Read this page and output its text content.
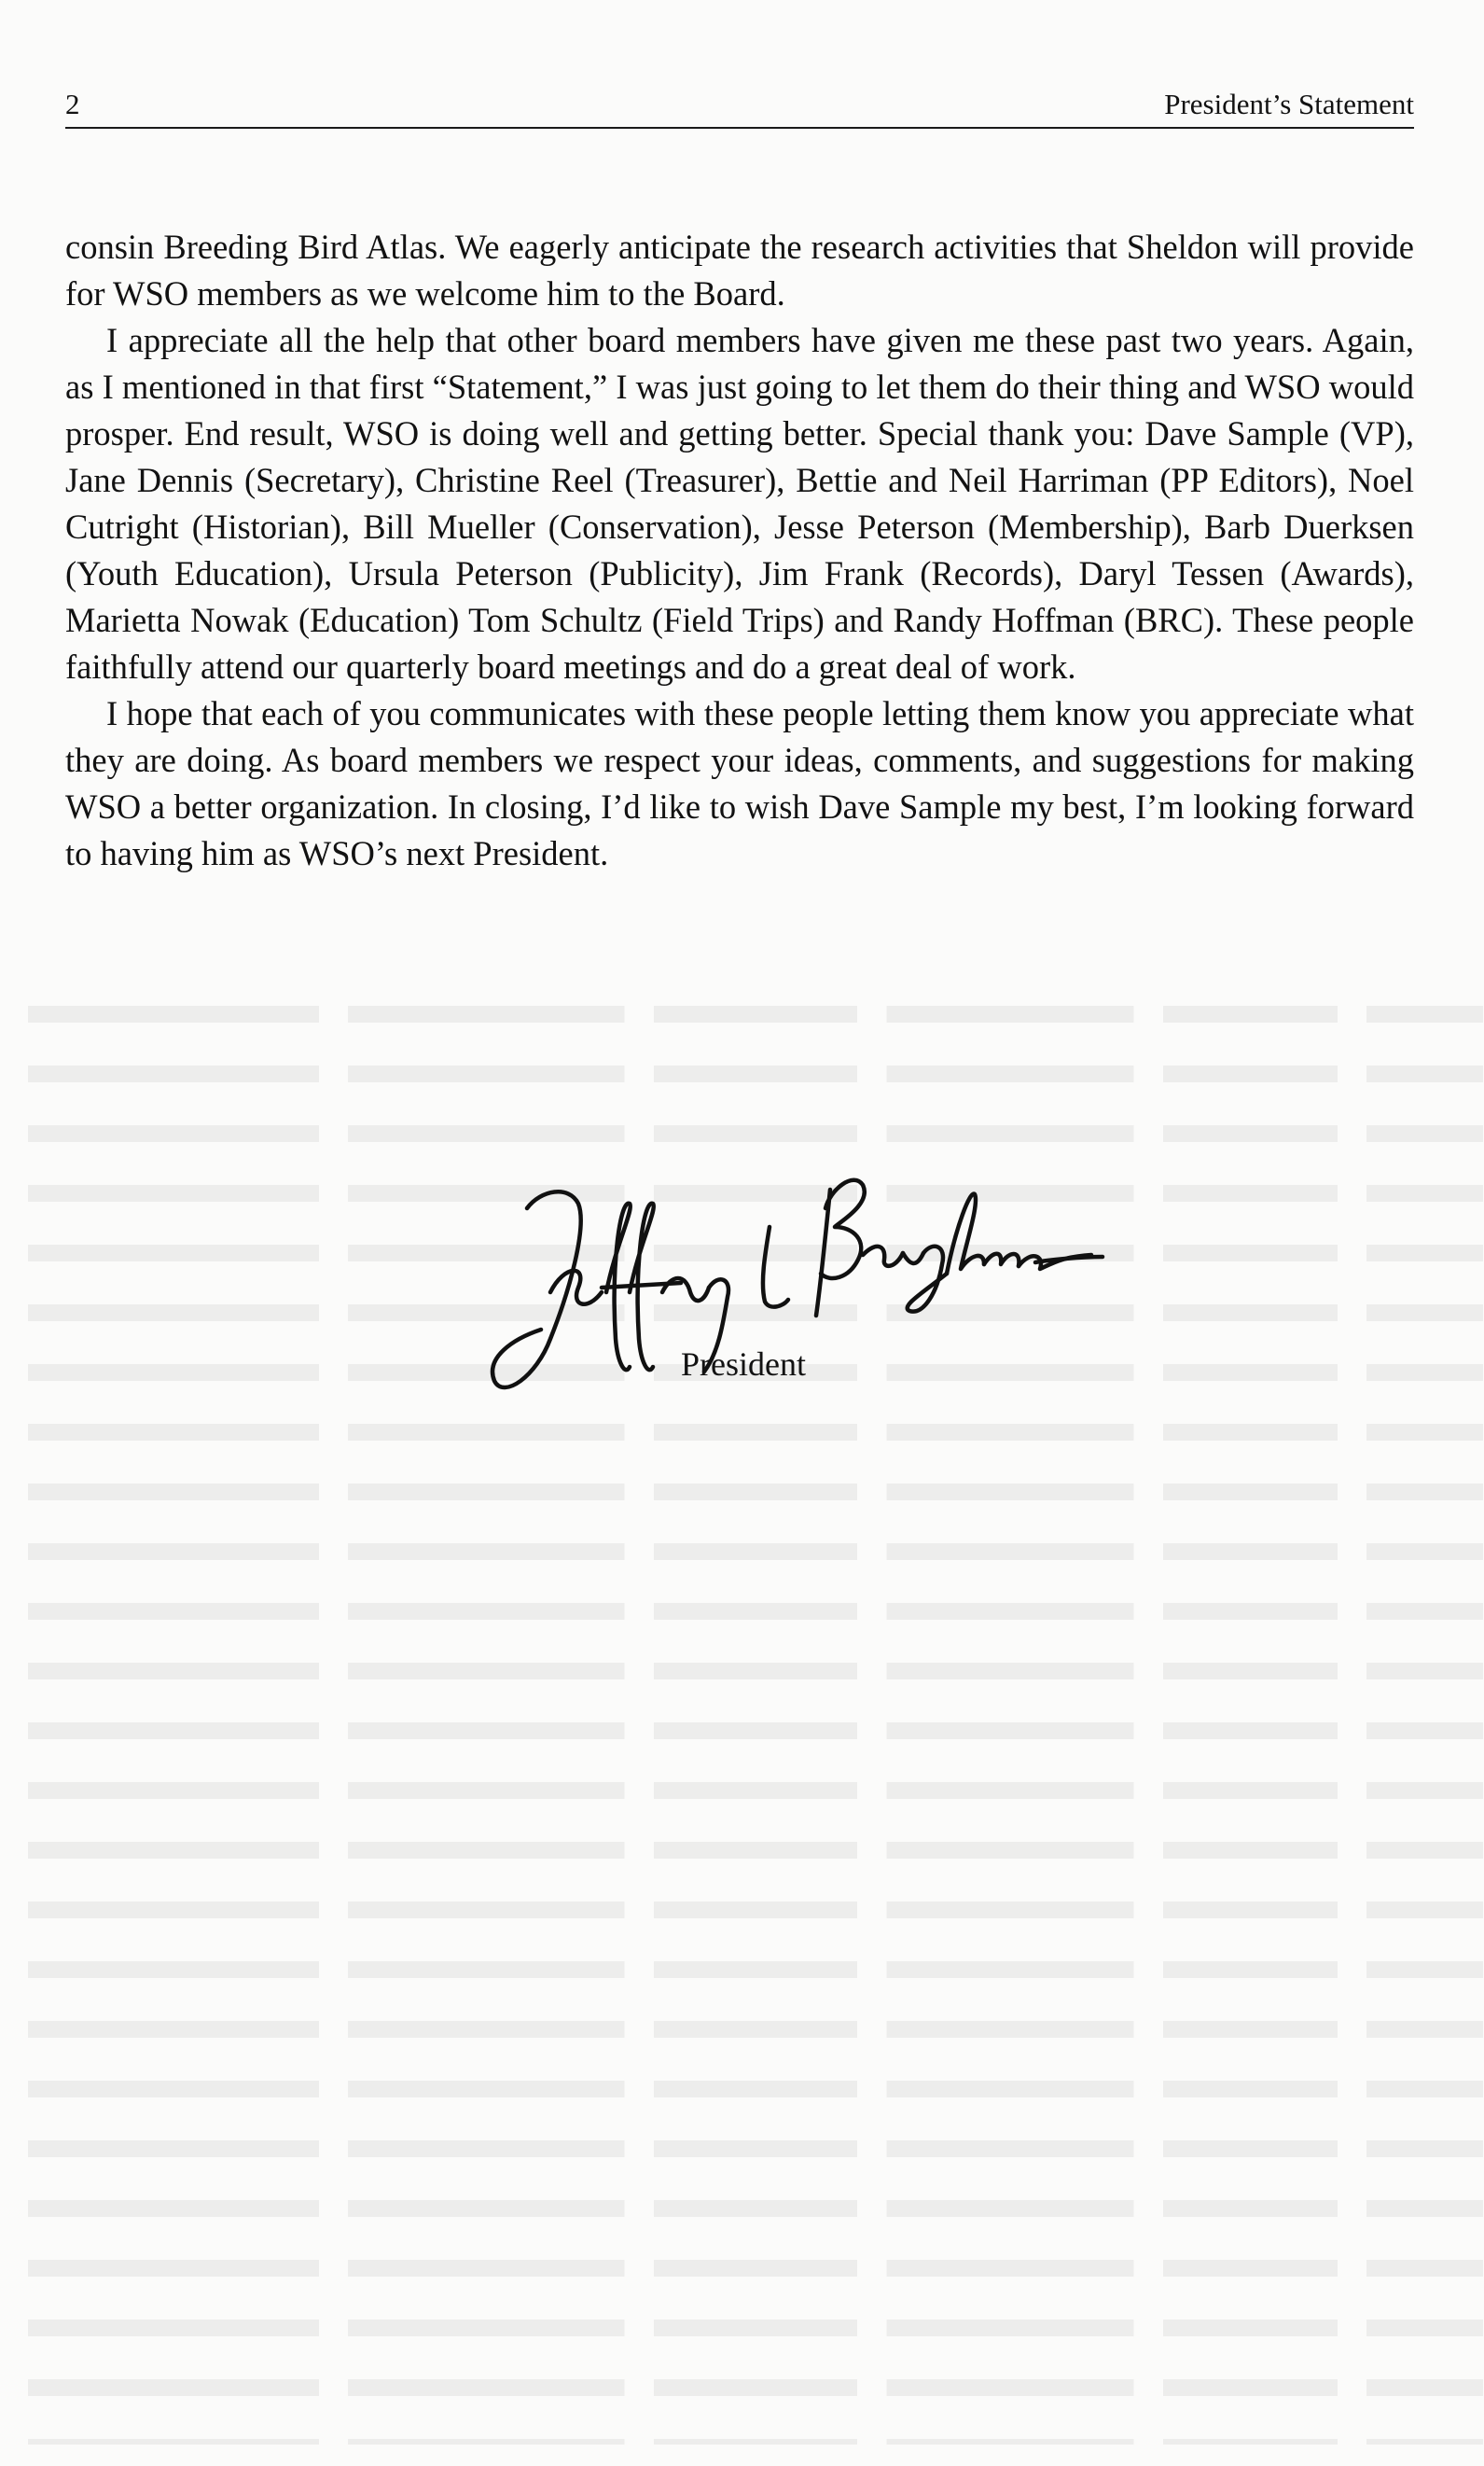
2	President’s Statement

consin Breeding Bird Atlas. We eagerly anticipate the research activities that Sheldon will provide for WSO members as we welcome him to the Board.

I appreciate all the help that other board members have given me these past two years. Again, as I mentioned in that first “Statement,” I was just going to let them do their thing and WSO would prosper. End result, WSO is doing well and getting better. Special thank you: Dave Sample (VP), Jane Dennis (Secretary), Christine Reel (Treasurer), Bettie and Neil Harriman (PP Editors), Noel Cutright (Historian), Bill Mueller (Conservation), Jesse Peterson (Membership), Barb Duerksen (Youth Education), Ursula Peterson (Publicity), Jim Frank (Records), Daryl Tessen (Awards), Marietta Nowak (Education) Tom Schultz (Field Trips) and Randy Hoffman (BRC). These people faithfully attend our quarterly board meetings and do a great deal of work.

I hope that each of you communicates with these people letting them know you appreciate what they are doing. As board members we respect your ideas, comments, and suggestions for making WSO a better organization. In closing, I’d like to wish Dave Sample my best, I’m looking forward to having him as WSO’s next President.

President
